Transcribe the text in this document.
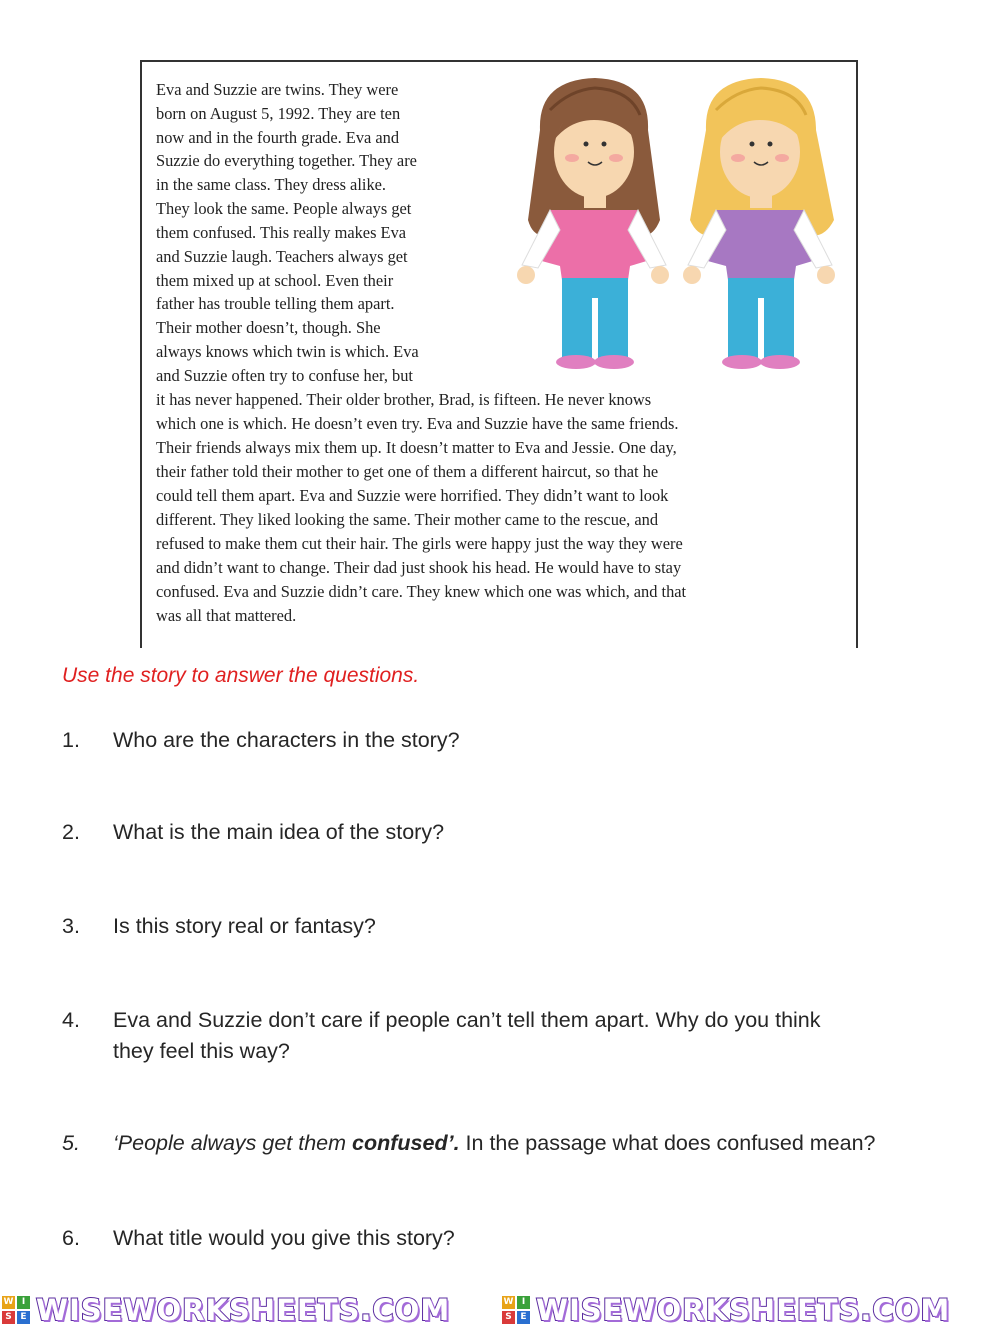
Eva and Suzzie are twins. They were
born on August 5, 1992. They are ten
now and in the fourth grade. Eva and
Suzzie do everything together. They are
in the same class. They dress alike.
They look the same. People always get
them confused. This really makes Eva
and Suzzie laugh. Teachers always get
them mixed up at school. Even their
father has trouble telling them apart.
Their mother doesn’t, though. She
always knows which twin is which. Eva
and Suzzie often try to confuse her, but
it has never happened. Their older brother, Brad, is fifteen. He never knows
which one is which. He doesn’t even try. Eva and Suzzie have the same friends.
Their friends always mix them up. It doesn’t matter to Eva and Jessie. One day,
their father told their mother to get one of them a different haircut, so that he
could tell them apart. Eva and Suzzie were horrified. They didn’t want to look
different. They liked looking the same. Their mother came to the rescue, and
refused to make them cut their hair. The girls were happy just the way they were
and didn’t want to change. Their dad just shook his head. He would have to stay
confused. Eva and Suzzie didn’t care. They knew which one was which, and that
was all that mattered.
Use the story to answer the questions.
1. Who are the characters in the story?
2. What is the main idea of the story?
3. Is this story real or fantasy?
4. Eva and Suzzie don’t care if people can’t tell them apart. Why do you think
they feel this way?
5. ‘People always get them confused’. In the passage what does confused mean?
6. What title would you give this story?
W I
S E WISEWORKSHEETS.COM	W I
S E WISEWORKSHEETS.COM
